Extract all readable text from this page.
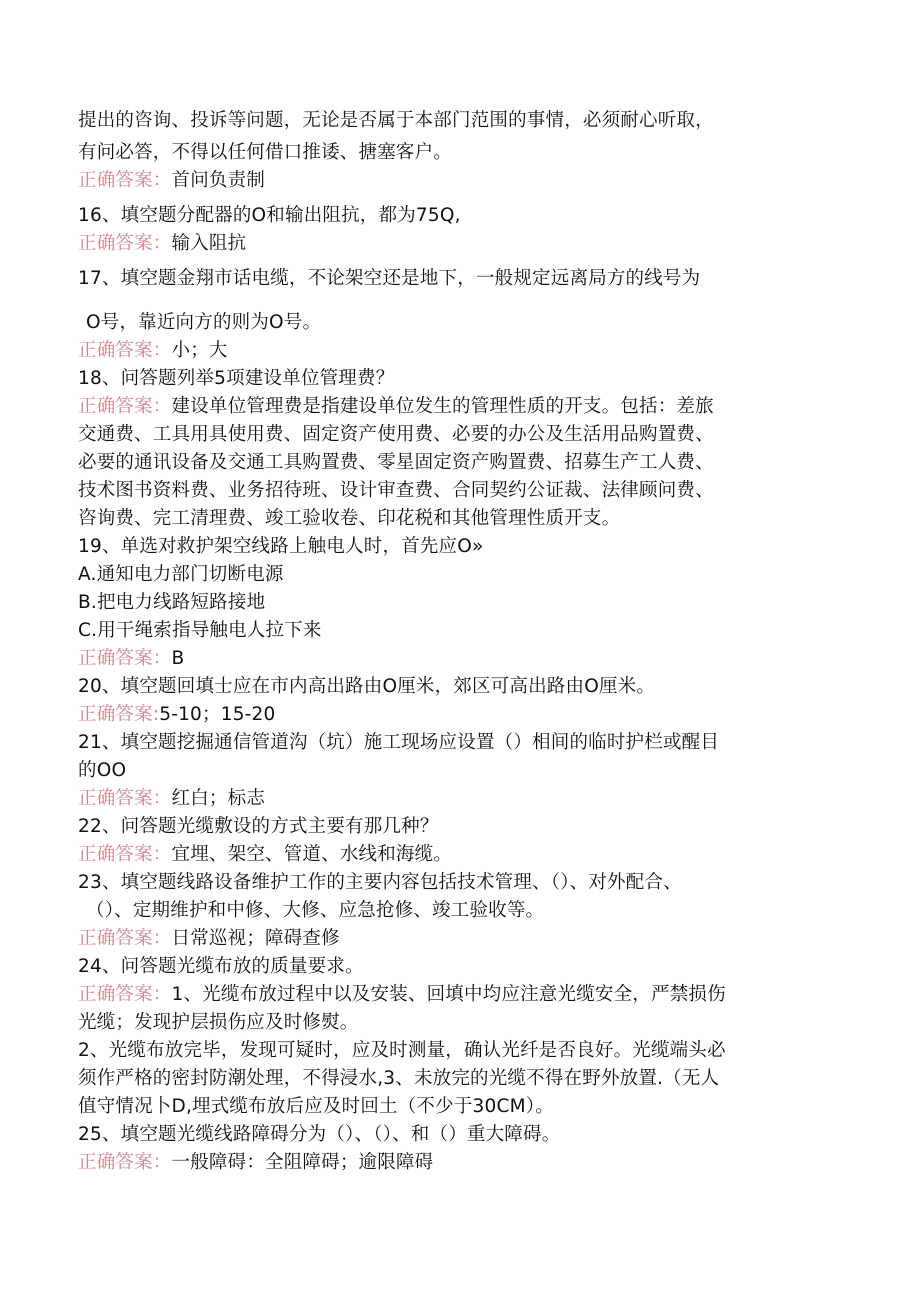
提出的咨询、投诉等问题，无论是否属于本部门范围的事情，必须耐心听取，
有问必答，不得以任何借口推诿、搪塞客户。
正确答案：首问负责制
16、填空题分配器的O和输出阻抗，都为75Q,
正确答案：输入阻抗
17、填空题金翔市话电缆，不论架空还是地下，一般规定远离局方的线号为
O号，靠近向方的则为O号。
正确答案：小；大
18、问答题列举5项建设单位管理费？
正确答案：建设单位管理费是指建设单位发生的管理性质的开支。包括：差旅
交通费、工具用具使用费、固定资产使用费、必要的办公及生活用品购置费、
必要的通讯设备及交通工具购置费、零星固定资产购置费、招募生产工人费、
技术图书资料费、业务招待班、设计审查费、合同契约公证裁、法律顾问费、
咨询费、完工清理费、竣工验收卷、印花税和其他管理性质开支。
19、单选对救护架空线路上触电人时，首先应O»
A.通知电力部门切断电源
B.把电力线路短路接地
C.用干绳索指导触电人拉下来
正确答案：B
20、填空题回填士应在市内高出路由O厘米，郊区可高出路由O厘米。
正确答案:5-10；15-20
21、填空题挖掘通信管道沟（坑）施工现场应设置（）相间的临时护栏或醒目
的OO
正确答案：红白；标志
22、问答题光缆敷设的方式主要有那几种？
正确答案：宜埋、架空、管道、水线和海缆。
23、填空题线路设备维护工作的主要内容包括技术管理、（）、对外配合、
（）、定期维护和中修、大修、应急抢修、竣工验收等。
正确答案：日常巡视；障碍查修
24、问答题光缆布放的质量要求。
正确答案：1、光缆布放过程中以及安装、回填中均应注意光缆安全，严禁损伤
光缆；发现护层损伤应及时修熨。
2、光缆布放完毕，发现可疑时，应及时测量，确认光纤是否良好。光缆端头必
须作严格的密封防潮处理，不得浸水,3、未放完的光缆不得在野外放置.（无人
值守情况卜D,埋式缆布放后应及时回土（不少于30CM）。
25、填空题光缆线路障碍分为（）、（）、和（）重大障碍。
正确答案：一般障碍：全阻障碍；逾限障碍
